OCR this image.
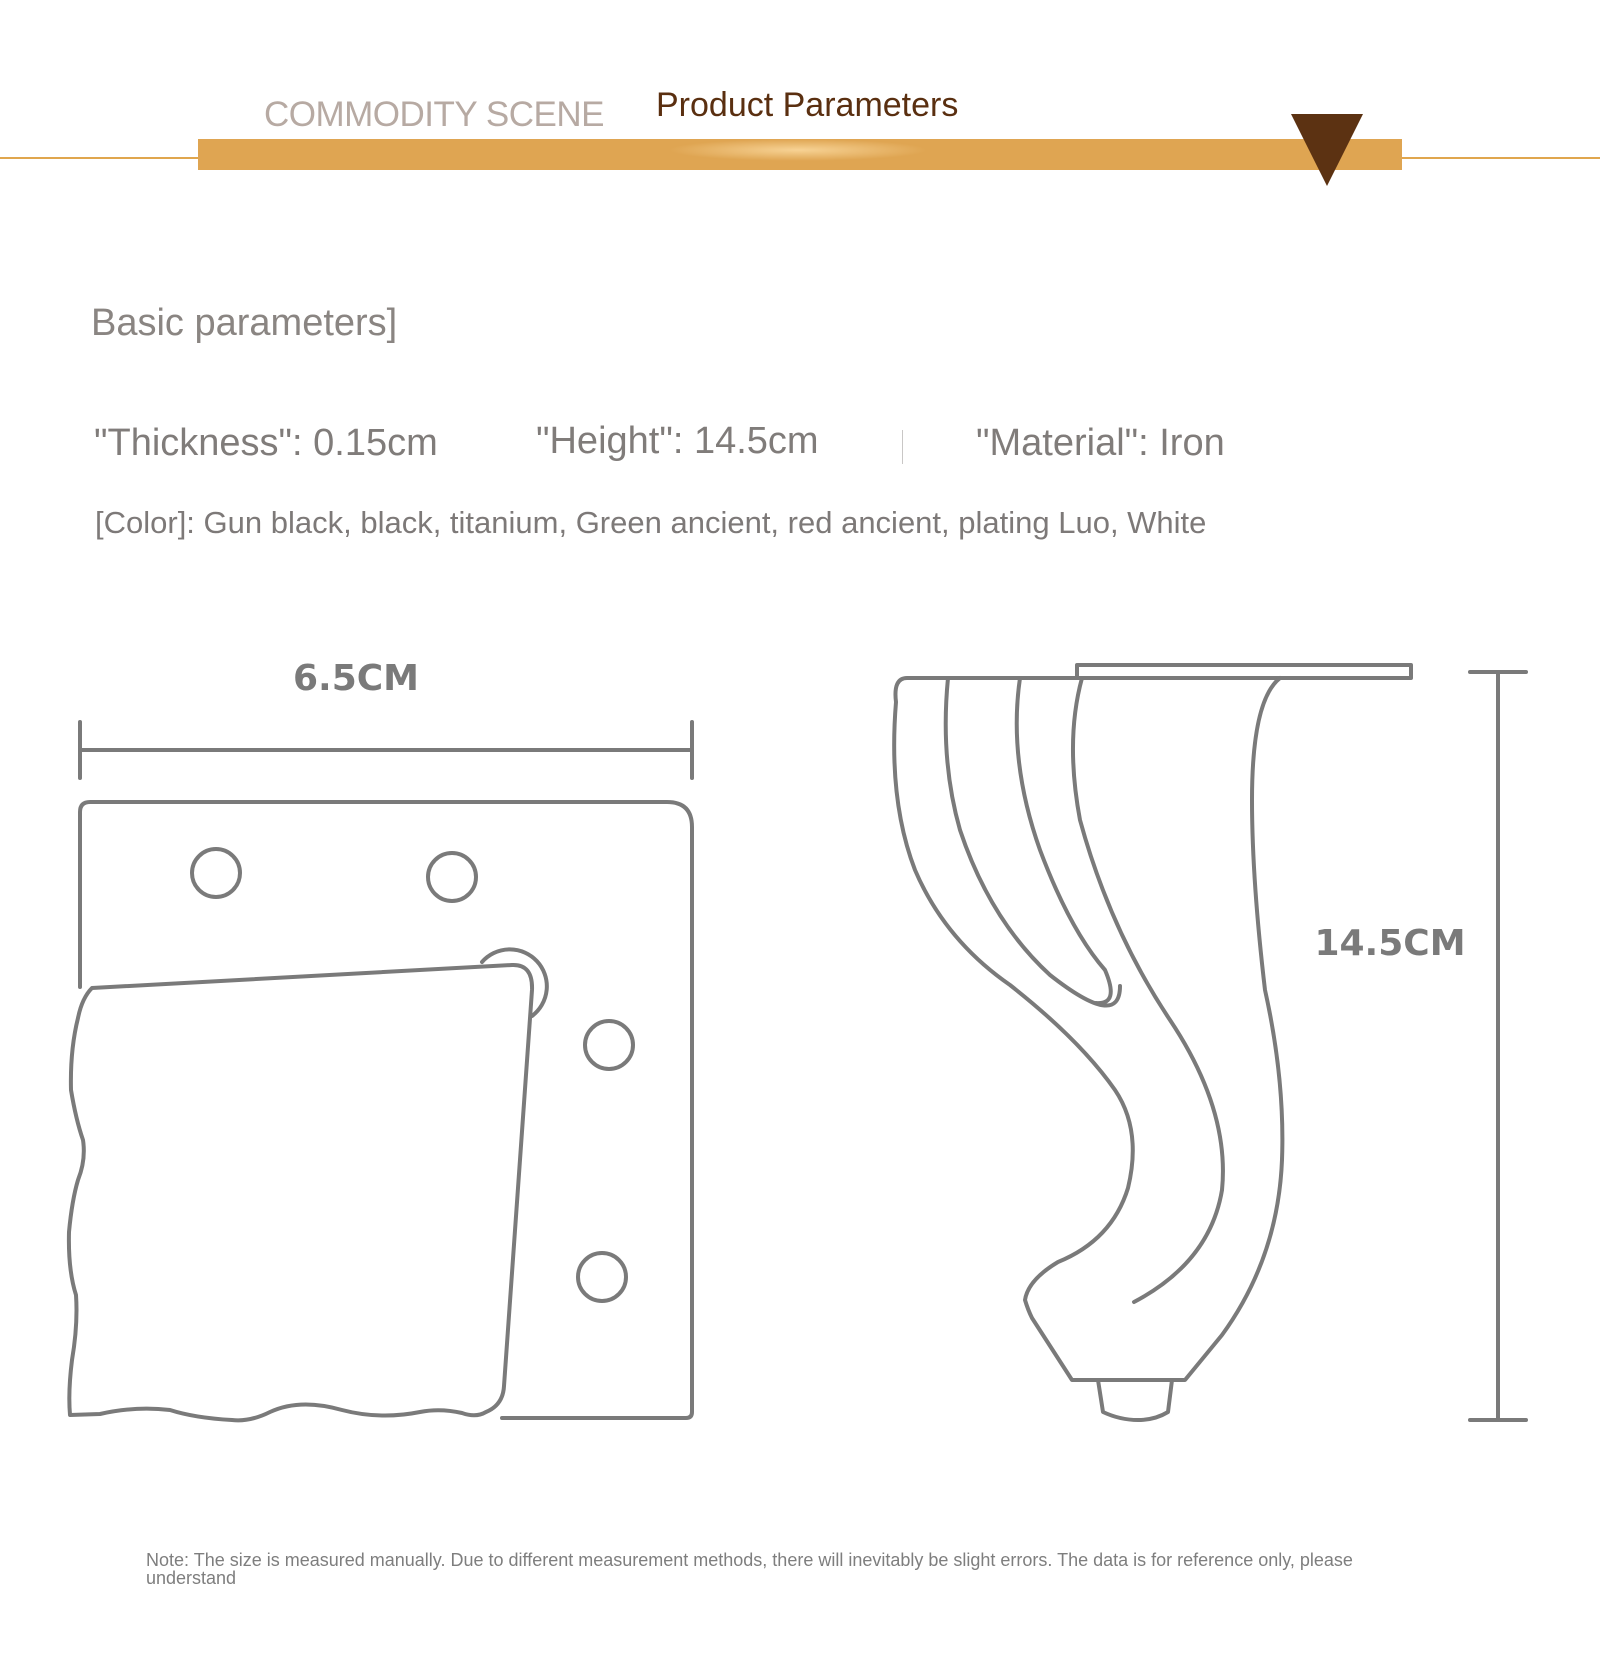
COMMODITY SCENE Product Parameters
Basic parameters]
"Thickness": 0.15cm	"Height": 14.5cm	"Material": Iron
[Color]: Gun black, black, titanium, Green ancient, red ancient, plating Luo, White
6.5CM
14.5CM
Note: The size is measured manually. Due to different measurement methods, there will inevitably be slight errors. The data is for reference only, please understand
